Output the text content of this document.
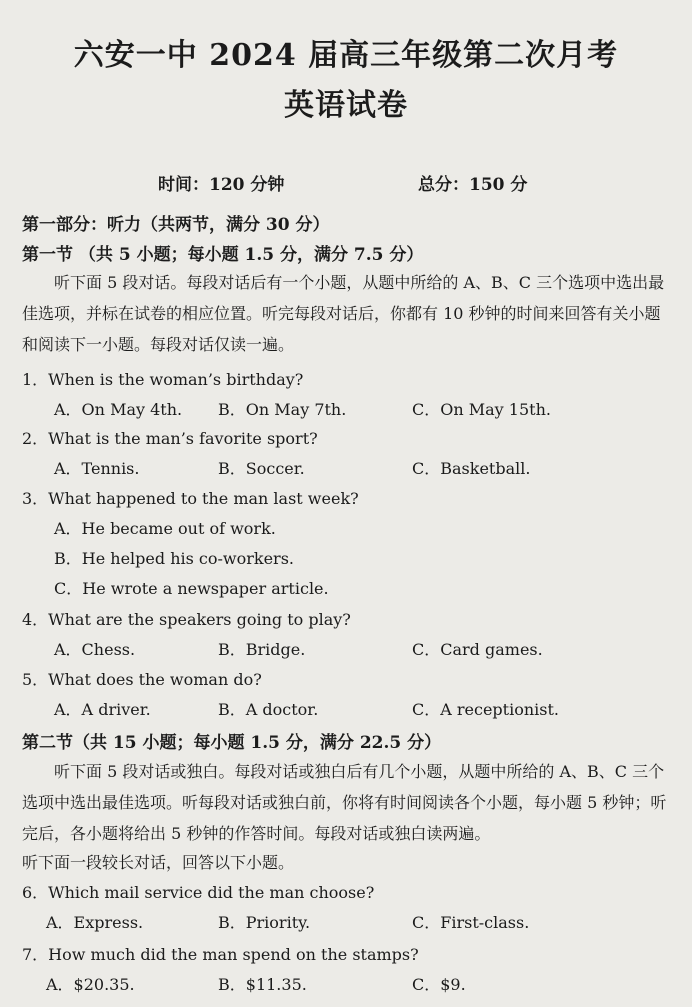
六安一中 2024 届高三年级第二次月考
英语试卷
时间：120 分钟	总分：150 分
第一部分：听力（共两节，满分 30 分）
第一节 （共 5 小题；每小题 1.5 分，满分 7.5 分）
听下面 5 段对话。每段对话后有一个小题，从题中所给的 A、B、C 三个选项中选出最佳选项，并标在试卷的相应位置。听完每段对话后，你都有 10 秒钟的时间来回答有关小题和阅读下一小题。每段对话仅读一遍。
1．When is the woman’s birthday?
A．On May 4th. B．On May 7th.	C．On May 15th.
2．What is the man’s favorite sport?
A．Tennis.	B．Soccer.	C．Basketball.
3．What happened to the man last week?
A．He became out of work.
B．He helped his co-workers.
C．He wrote a newspaper article.
4．What are the speakers going to play?
A．Chess.	B．Bridge.	C．Card games.
5．What does the woman do?
A．A driver.	B．A doctor.	C．A receptionist.
第二节（共 15 小题；每小题 1.5 分，满分 22.5 分）
听下面 5 段对话或独白。每段对话或独白后有几个小题，从题中所给的 A、B、C 三个选项中选出最佳选项。听每段对话或独白前，你将有时间阅读各个小题，每小题 5 秒钟；听完后，各小题将给出 5 秒钟的作答时间。每段对话或独白读两遍。
听下面一段较长对话，回答以下小题。
6．Which mail service did the man choose?
A．Express.	B．Priority.	C．First-class.
7．How much did the man spend on the stamps?
A．$20.35.	B．$11.35.	C．$9.
